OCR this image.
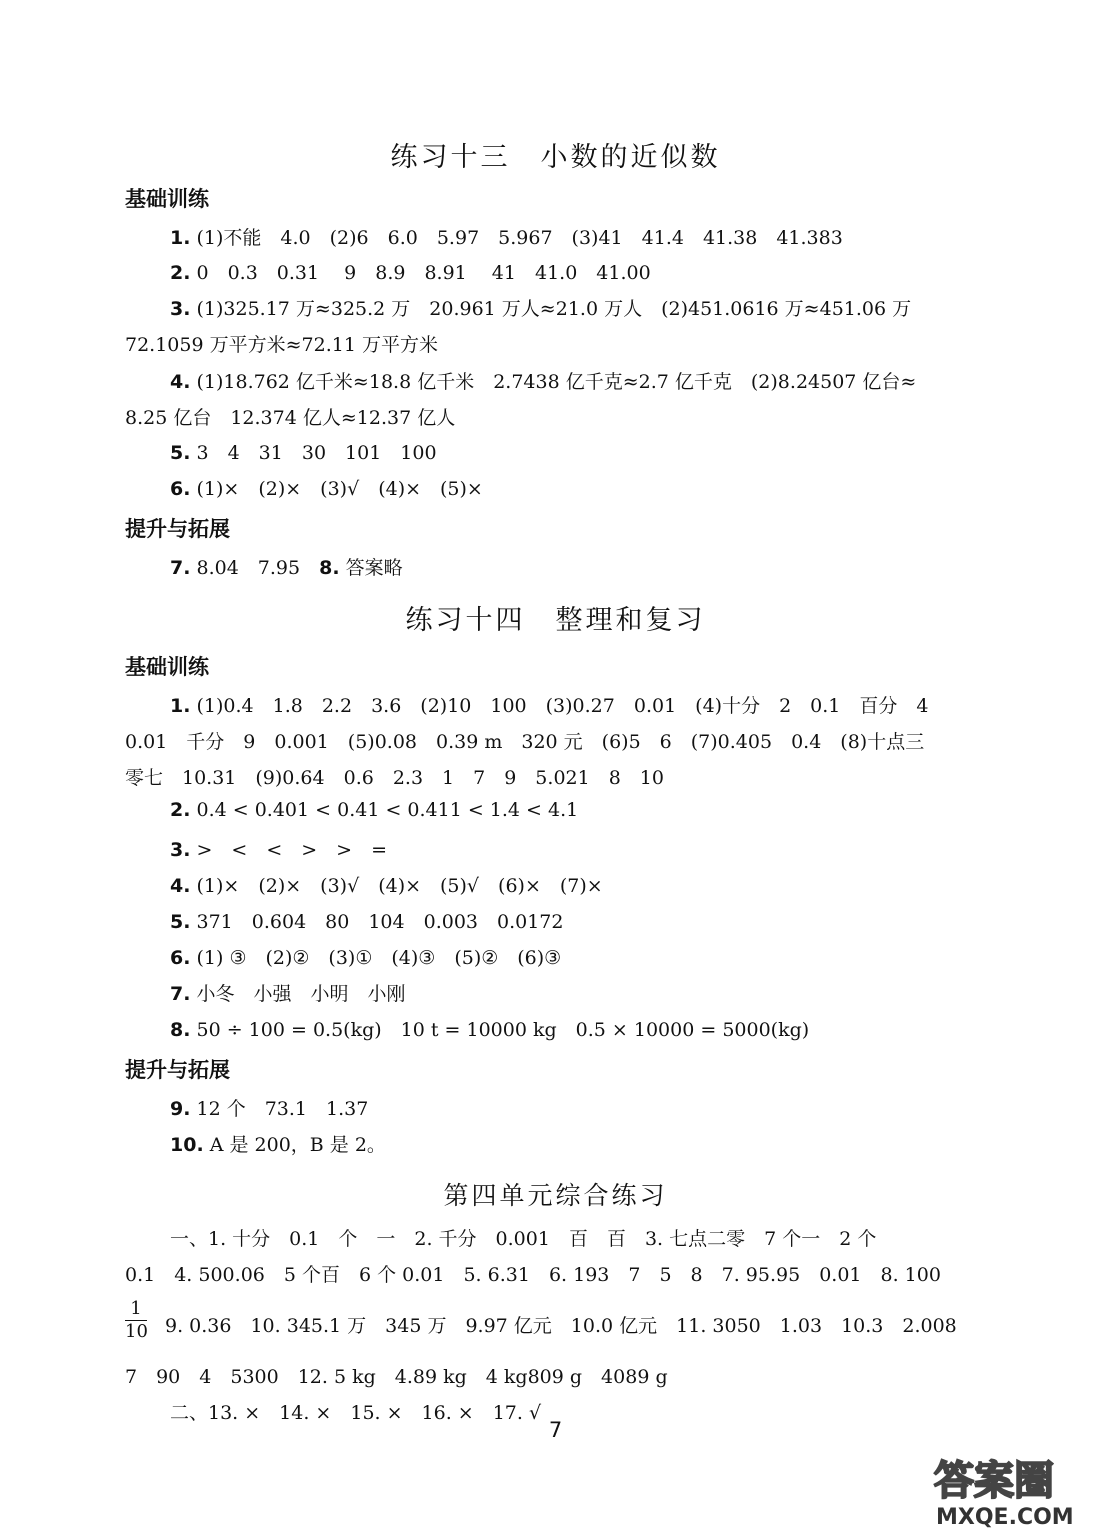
练习十三　小数的近似数
基础训练
1. (1)不能　4.0　(2)6　6.0　5.97　5.967　(3)41　41.4　41.38　41.383
2. 0　0.3　0.31　 9　8.9　8.91　 41　41.0　41.00
3. (1)325.17 万≈325.2 万　20.961 万人≈21.0 万人　(2)451.0616 万≈451.06 万
72.1059 万平方米≈72.11 万平方米
4. (1)18.762 亿千米≈18.8 亿千米　2.7438 亿千克≈2.7 亿千克　(2)8.24507 亿台≈
8.25 亿台　12.374 亿人≈12.37 亿人
5. 3　4　31　30　101　100
6. (1)×　(2)×　(3)√　(4)×　(5)×
提升与拓展
7. 8.04　7.95　 8. 答案略
练习十四　整理和复习
基础训练
1. (1)0.4　1.8　2.2　3.6　(2)10　100　(3)0.27　0.01　(4)十分　2　0.1　百分　4
0.01　千分　9　0.001　(5)0.08　0.39 m　320 元　(6)5　6　(7)0.405　0.4　(8)十点三
零七　10.31　(9)0.64　0.6　2.3　1　7　9　5.021　8　10
2. 0.4 < 0.401 < 0.41 < 0.411 < 1.4 < 4.1
3. >　<　<　>　>　=
4. (1)×　(2)×　(3)√　(4)×　(5)√　(6)×　(7)×
5. 371　0.604　80　104　0.003　0.0172
6. (1) ③　(2)②　(3)①　(4)③　(5)②　(6)③
7. 小冬　小强　小明　小刚
8. 50 ÷ 100 = 0.5(kg)　10 t = 10000 kg　0.5 × 10000 = 5000(kg)
提升与拓展
9. 12 个　73.1　1.37
10. A 是 200，B 是 2。
第四单元综合练习
一、1. 十分　0.1　个　一　2. 千分　0.001　百　百　3. 七点二零　7 个一　2 个
0.1　4. 500.06　5 个百　6 个 0.01　5. 6.31　6. 193　7　5　8　7. 95.95　0.01　8. 100
$\frac{1}{10} 9$. 0.36　10. 345.1 万　345 万　9.97 亿元　10.0 亿元　11. 3050　1.03　10.3　2.008
7　90　4　5300　12. 5 kg　4.89 kg　4 kg809 g　4089 g
二、13. ×　14. ×　15. ×　16. ×　17. √
7
答案圈
MXQE.COM
